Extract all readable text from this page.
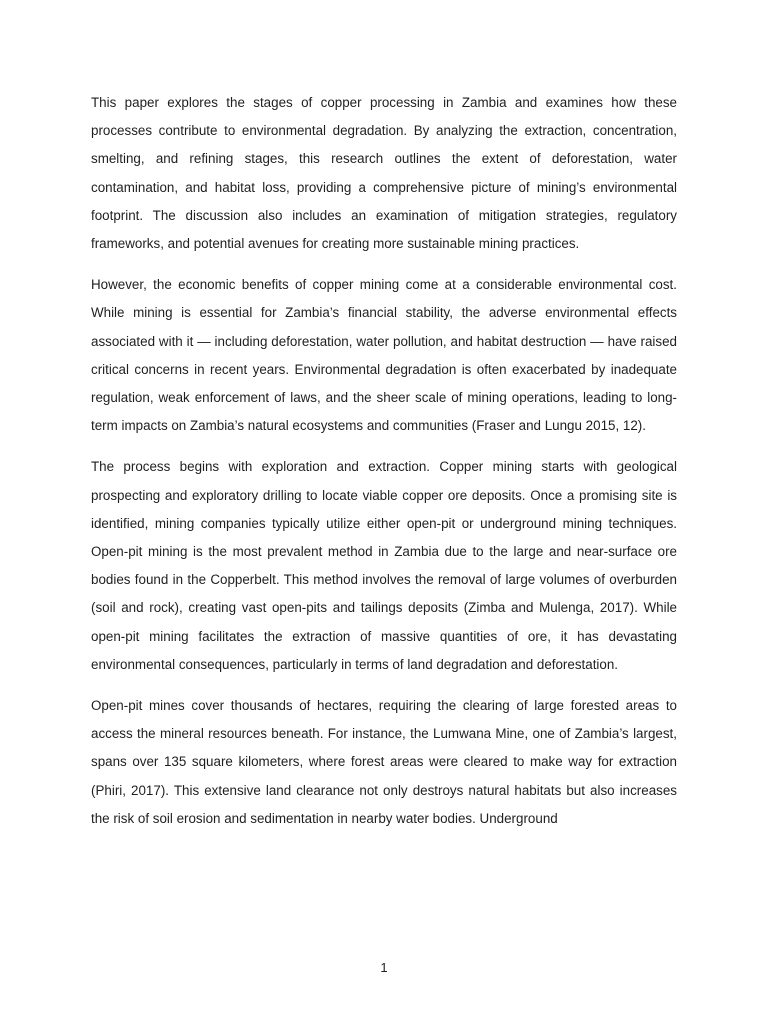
This paper explores the stages of copper processing in Zambia and examines how these processes contribute to environmental degradation. By analyzing the extraction, concentration, smelting, and refining stages, this research outlines the extent of deforestation, water contamination, and habitat loss, providing a comprehensive picture of mining’s environmental footprint. The discussion also includes an examination of mitigation strategies, regulatory frameworks, and potential avenues for creating more sustainable mining practices.

However, the economic benefits of copper mining come at a considerable environmental cost. While mining is essential for Zambia’s financial stability, the adverse environmental effects associated with it — including deforestation, water pollution, and habitat destruction — have raised critical concerns in recent years. Environmental degradation is often exacerbated by inadequate regulation, weak enforcement of laws, and the sheer scale of mining operations, leading to long-term impacts on Zambia’s natural ecosystems and communities (Fraser and Lungu 2015, 12).

The process begins with exploration and extraction. Copper mining starts with geological prospecting and exploratory drilling to locate viable copper ore deposits. Once a promising site is identified, mining companies typically utilize either open-pit or underground mining techniques. Open-pit mining is the most prevalent method in Zambia due to the large and near-surface ore bodies found in the Copperbelt. This method involves the removal of large volumes of overburden (soil and rock), creating vast open-pits and tailings deposits (Zimba and Mulenga, 2017). While open-pit mining facilitates the extraction of massive quantities of ore, it has devastating environmental consequences, particularly in terms of land degradation and deforestation.

Open-pit mines cover thousands of hectares, requiring the clearing of large forested areas to access the mineral resources beneath. For instance, the Lumwana Mine, one of Zambia’s largest, spans over 135 square kilometers, where forest areas were cleared to make way for extraction (Phiri, 2017). This extensive land clearance not only destroys natural habitats but also increases the risk of soil erosion and sedimentation in nearby water bodies. Underground

1
